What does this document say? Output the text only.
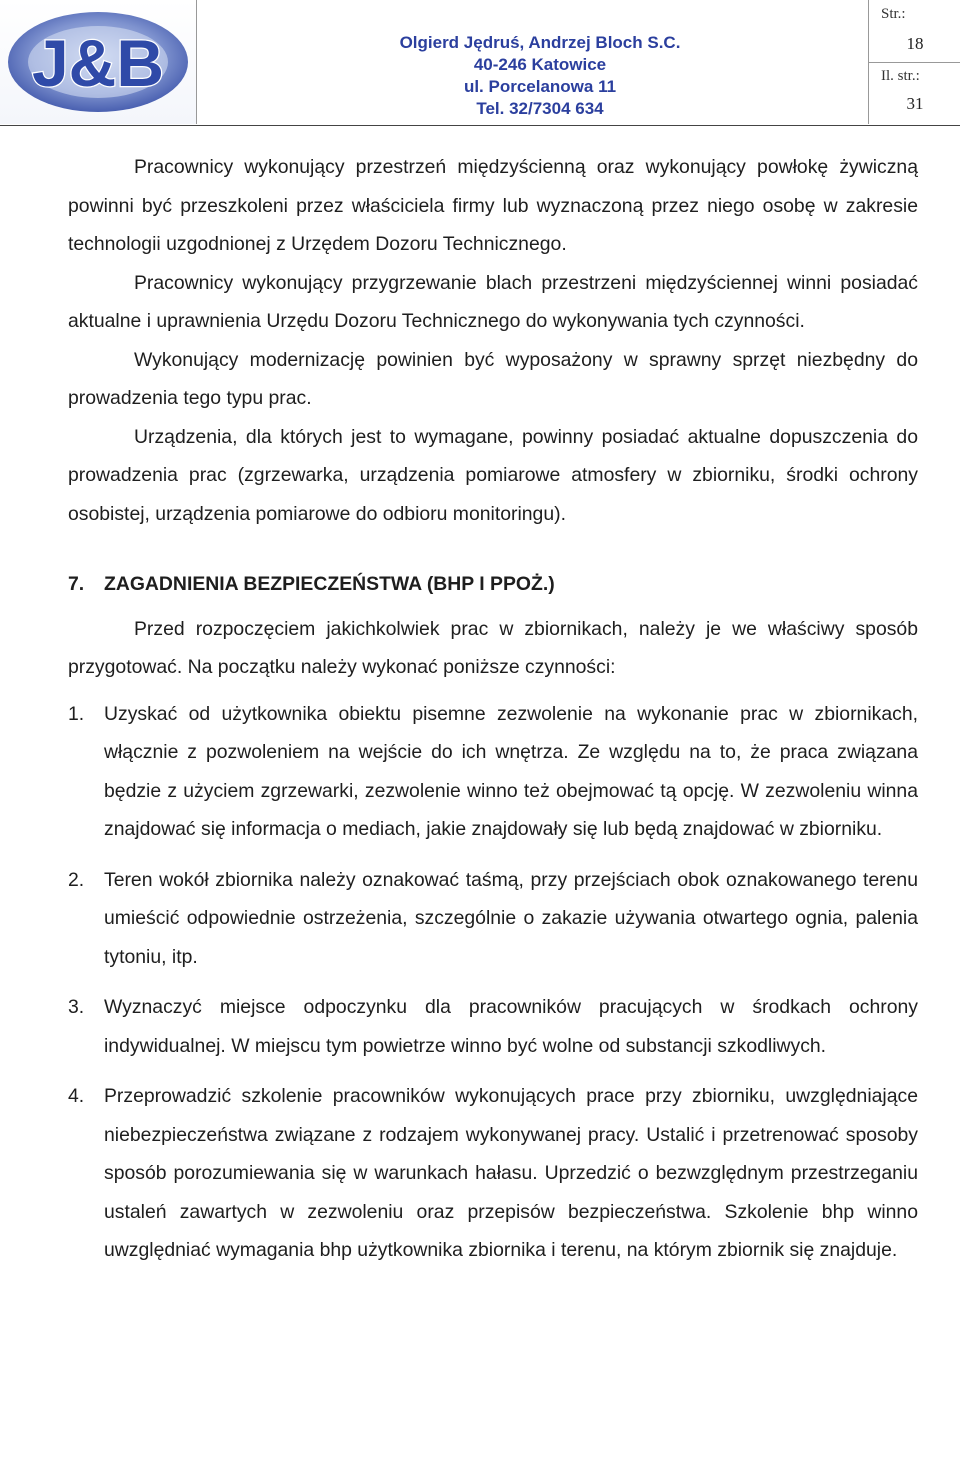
J&B	Olgierd Jędruś, Andrzej Bloch S.C.
40-246 Katowice
ul. Porcelanowa 11
Tel. 32/7304 634
Str.:
18
Il. str.:
31

Pracownicy wykonujący przestrzeń międzyścienną oraz wykonujący powłokę żywiczną powinni być przeszkoleni przez właściciela firmy lub wyznaczoną przez niego osobę w zakresie technologii uzgodnionej z Urzędem Dozoru Technicznego.

Pracownicy wykonujący przygrzewanie blach przestrzeni międzyściennej winni posiadać aktualne i uprawnienia Urzędu Dozoru Technicznego do wykonywania tych czynności.

Wykonujący modernizację powinien być wyposażony w sprawny sprzęt niezbędny do prowadzenia tego typu prac.

Urządzenia, dla których jest to wymagane, powinny posiadać aktualne dopuszczenia do prowadzenia prac (zgrzewarka, urządzenia pomiarowe atmosfery w zbiorniku, środki ochrony osobistej, urządzenia pomiarowe do odbioru monitoringu).

7.	ZAGADNIENIA BEZPIECZEŃSTWA (BHP I PPOŻ.)

Przed rozpoczęciem jakichkolwiek prac w zbiornikach, należy je we właściwy sposób przygotować. Na początku należy wykonać poniższe czynności:

1.	Uzyskać od użytkownika obiektu pisemne zezwolenie na wykonanie prac w zbiornikach, włącznie z pozwoleniem na wejście do ich wnętrza. Ze względu na to, że praca związana będzie z użyciem zgrzewarki, zezwolenie winno też obejmować tą opcję. W zezwoleniu winna znajdować się informacja o mediach, jakie znajdowały się lub będą znajdować w zbiorniku.
2.	Teren wokół zbiornika należy oznakować taśmą, przy przejściach obok oznakowanego terenu umieścić odpowiednie ostrzeżenia, szczególnie o zakazie używania otwartego ognia, palenia tytoniu, itp.
3.	Wyznaczyć miejsce odpoczynku dla pracowników pracujących w środkach ochrony indywidualnej. W miejscu tym powietrze winno być wolne od substancji szkodliwych.
4.	Przeprowadzić szkolenie pracowników wykonujących prace przy zbiorniku, uwzględniające niebezpieczeństwa związane z rodzajem wykonywanej pracy. Ustalić i przetrenować sposoby sposób porozumiewania się w warunkach hałasu. Uprzedzić o bezwzględnym przestrzeganiu ustaleń zawartych w zezwoleniu oraz przepisów bezpieczeństwa. Szkolenie bhp winno uwzględniać wymagania bhp użytkownika zbiornika i terenu, na którym zbiornik się znajduje.
